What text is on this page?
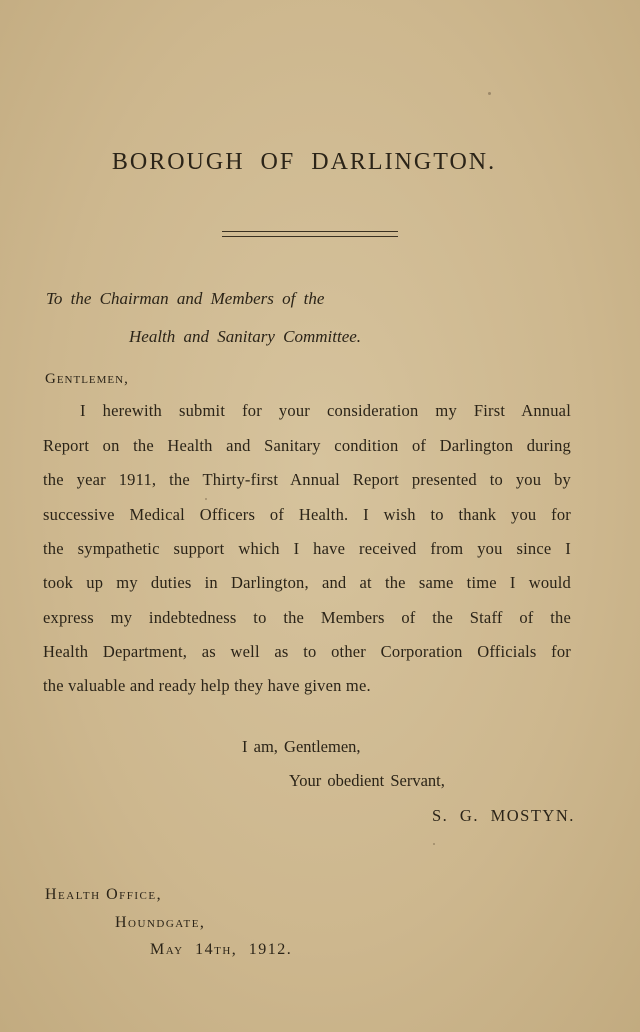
BOROUGH OF DARLINGTON.
To the Chairman and Members of the
Health and Sanitary Committee.
Gentlemen,
I herewith submit for your consideration my First Annual
Report on the Health and Sanitary condition of Darlington during
the year 1911, the Thirty-first Annual Report presented to you by
successive Medical Officers of Health. I wish to thank you for
the sympathetic support which I have received from you since I
took up my duties in Darlington, and at the same time I would
express my indebtedness to the Members of the Staff of the
Health Department, as well as to other Corporation Officials for
the valuable and ready help they have given me.
I am, Gentlemen,
Your obedient Servant,
S. G. MOSTYN.
Health Office,
Houndgate,
May 14th, 1912.
